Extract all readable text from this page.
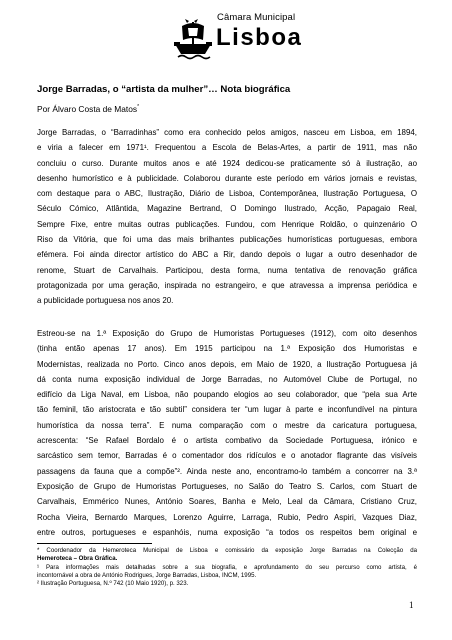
Câmara Municipal
Lisboa
Jorge Barradas, o “artista da mulher”… Nota biográfica
Por Álvaro Costa de Matos*
Jorge Barradas, o “Barradinhas” como era conhecido pelos amigos, nasceu em Lisboa, em 1894,
e viria a falecer em 1971¹. Frequentou a Escola de Belas-Artes, a partir de 1911, mas não
concluiu o curso. Durante muitos anos e até 1924 dedicou-se praticamente só à ilustração, ao
desenho humorístico e à publicidade. Colaborou durante este período em vários jornais e revistas,
com destaque para o ABC, Ilustração, Diário de Lisboa, Contemporânea, Ilustração Portuguesa, O
Século Cómico, Atlântida, Magazine Bertrand, O Domingo Ilustrado, Acção, Papagaio Real,
Sempre Fixe, entre muitas outras publicações. Fundou, com Henrique Roldão, o quinzenário O
Riso da Vitória, que foi uma das mais brilhantes publicações humorísticas portuguesas, embora
efémera. Foi ainda director artístico do ABC a Rir, dando depois o lugar a outro desenhador de
renome, Stuart de Carvalhais. Participou, desta forma, numa tentativa de renovação gráfica
protagonizada por uma geração, inspirada no estrangeiro, e que atravessa a imprensa periódica e
a publicidade portuguesa nos anos 20.
Estreou-se na 1.ª Exposição do Grupo de Humoristas Portugueses (1912), com oito desenhos
(tinha então apenas 17 anos). Em 1915 participou na 1.ª Exposição dos Humoristas e
Modernistas, realizada no Porto. Cinco anos depois, em Maio de 1920, a Ilustração Portuguesa já
dá conta numa exposição individual de Jorge Barradas, no Automóvel Clube de Portugal, no
edifício da Liga Naval, em Lisboa, não poupando elogios ao seu colaborador, que “pela sua Arte
tão feminil, tão aristocrata e tão subtil” considera ter “um lugar à parte e inconfundível na pintura
humorística da nossa terra”. E numa comparação com o mestre da caricatura portuguesa,
acrescenta: “Se Rafael Bordalo é o artista combativo da Sociedade Portuguesa, irónico e
sarcástico sem temor, Barradas é o comentador dos ridículos e o anotador flagrante das visíveis
passagens da fauna que a compõe”². Ainda neste ano, encontramo-lo também a concorrer na 3.ª
Exposição de Grupo de Humoristas Portugueses, no Salão do Teatro S. Carlos, com Stuart de
Carvalhais, Emmérico Nunes, António Soares, Banha e Melo, Leal da Câmara, Cristiano Cruz,
Rocha Vieira, Bernardo Marques, Lorenzo Aguirre, Larraga, Rubio, Pedro Aspiri, Vazques Diaz,
entre outros, portugueses e espanhóis, numa exposição “a todos os respeitos bem original e
* Coordenador da Hemeroteca Municipal de Lisboa e comissário da exposição Jorge Barradas na Colecção da
Hemeroteca – Obra Gráfica.
¹ Para informações mais detalhadas sobre a sua biografia, e aprofundamento do seu percurso como artista, é
incontornável a obra de António Rodrigues, Jorge Barradas, Lisboa, INCM, 1995.
² Ilustração Portuguesa, N.º 742 (10 Maio 1920), p. 323.
1
